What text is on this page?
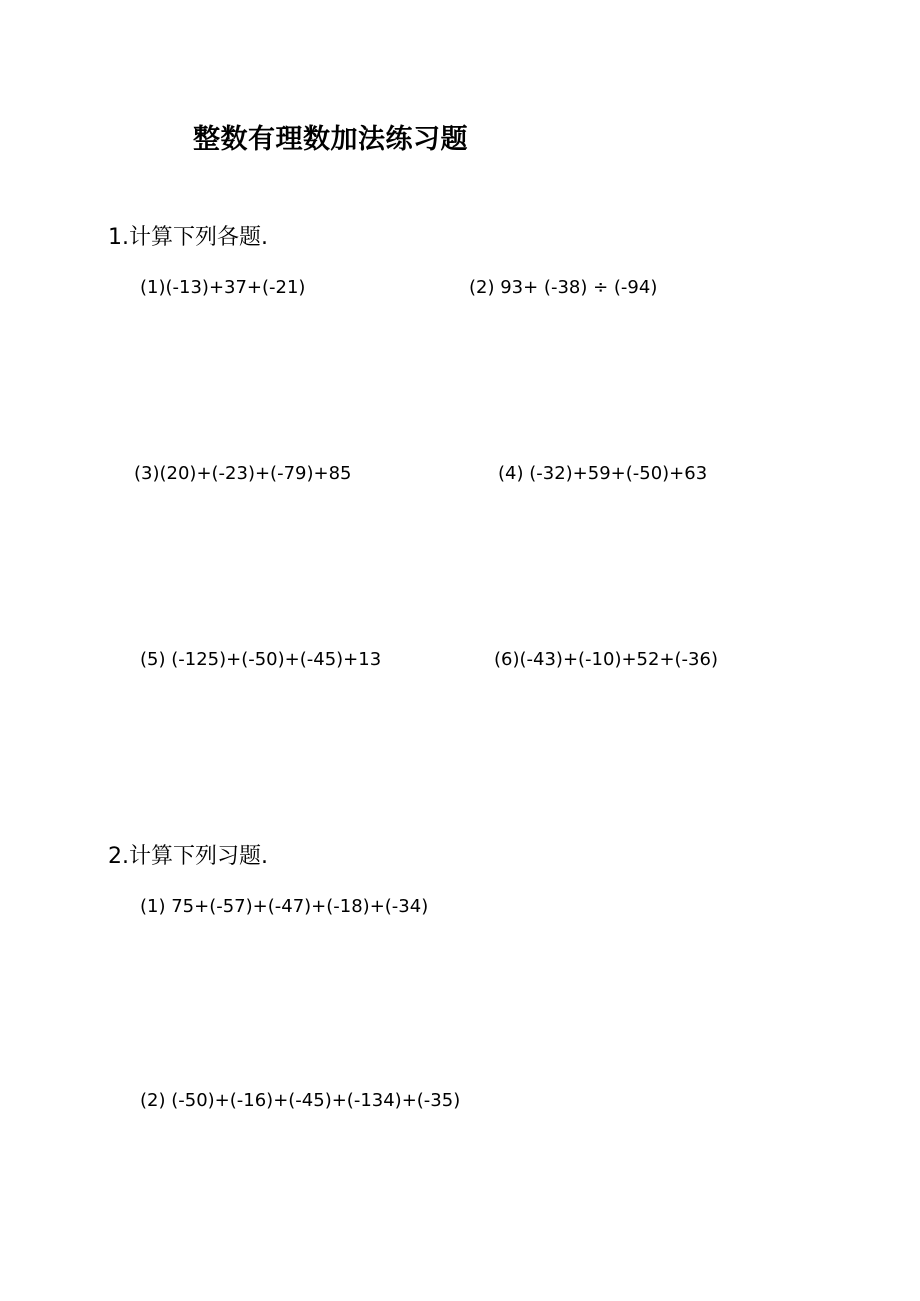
整数有理数加法练习题
1.计算下列各题.
(1)(-13)+37+(-21)	(2) 93+ (-38) ÷ (-94)
(3)(20)+(-23)+(-79)+85	(4) (-32)+59+(-50)+63
(5) (-125)+(-50)+(-45)+13	(6)(-43)+(-10)+52+(-36)
2.计算下列习题.
(1) 75+(-57)+(-47)+(-18)+(-34)
(2) (-50)+(-16)+(-45)+(-134)+(-35)
